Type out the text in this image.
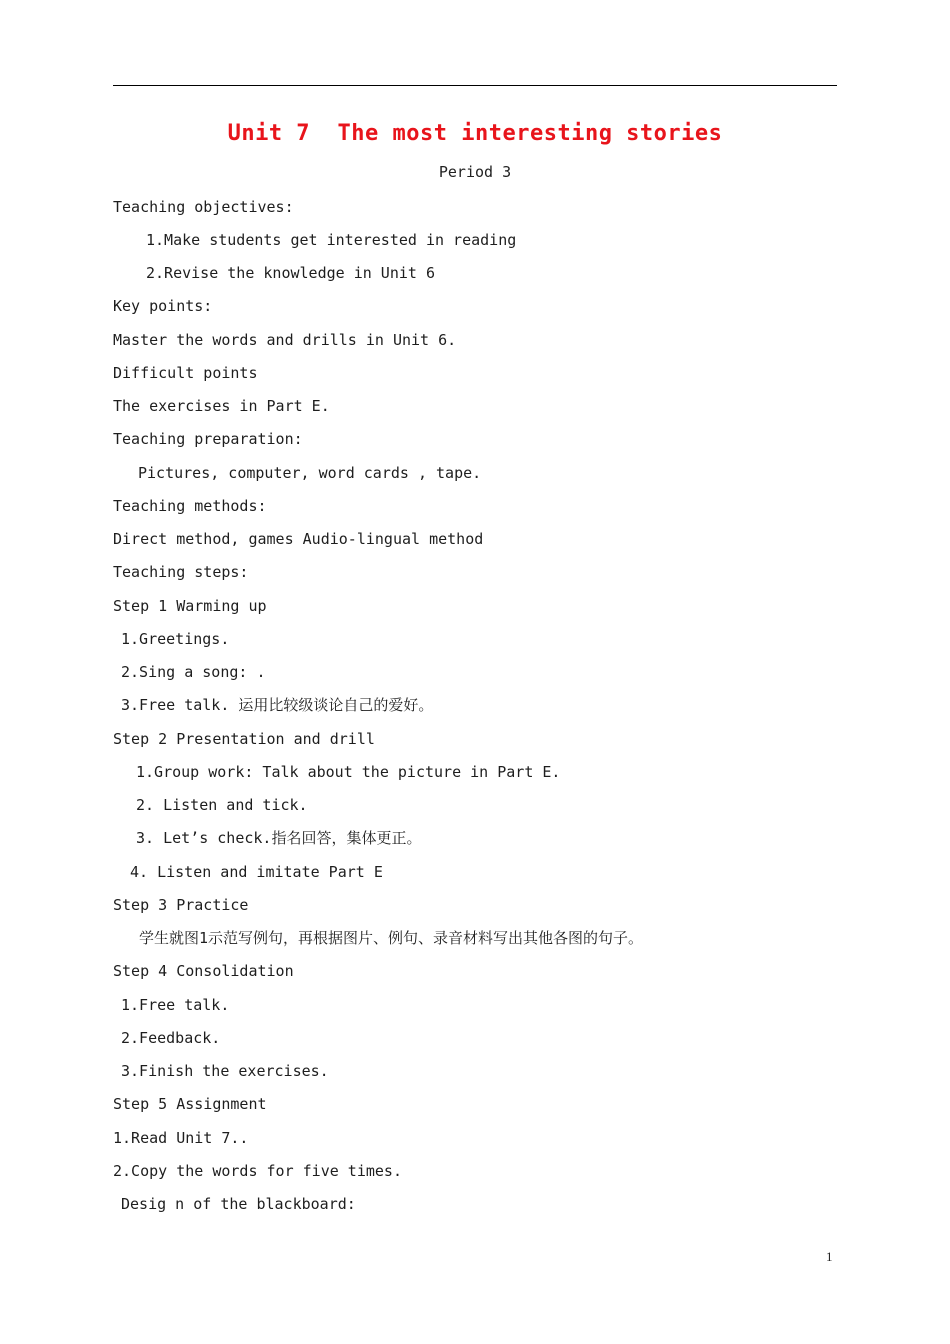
Unit 7  The most interesting stories
Period 3
Teaching objectives:
1.Make students get interested in reading
2.Revise the knowledge in Unit 6
Key points:
Master the words and drills in Unit 6.
Difficult points
The exercises in Part E.
Teaching preparation:
Pictures, computer, word cards , tape.
Teaching methods:
Direct method, games Audio-lingual method
Teaching steps:
Step 1 Warming up
1.Greetings.
2.Sing a song: .
3.Free talk. 运用比较级谈论自己的爱好。
Step 2 Presentation and drill
1.Group work: Talk about the picture in Part E.
2. Listen and tick.
3. Let’s check.指名回答，集体更正。
4. Listen and imitate Part E
Step 3 Practice
学生就图1示范写例句，再根据图片、例句、录音材料写出其他各图的句子。
Step 4 Consolidation
1.Free talk.
2.Feedback.
3.Finish the exercises.
Step 5 Assignment
1.Read Unit 7..
2.Copy the words for five times.
Desig n of the blackboard:
1
